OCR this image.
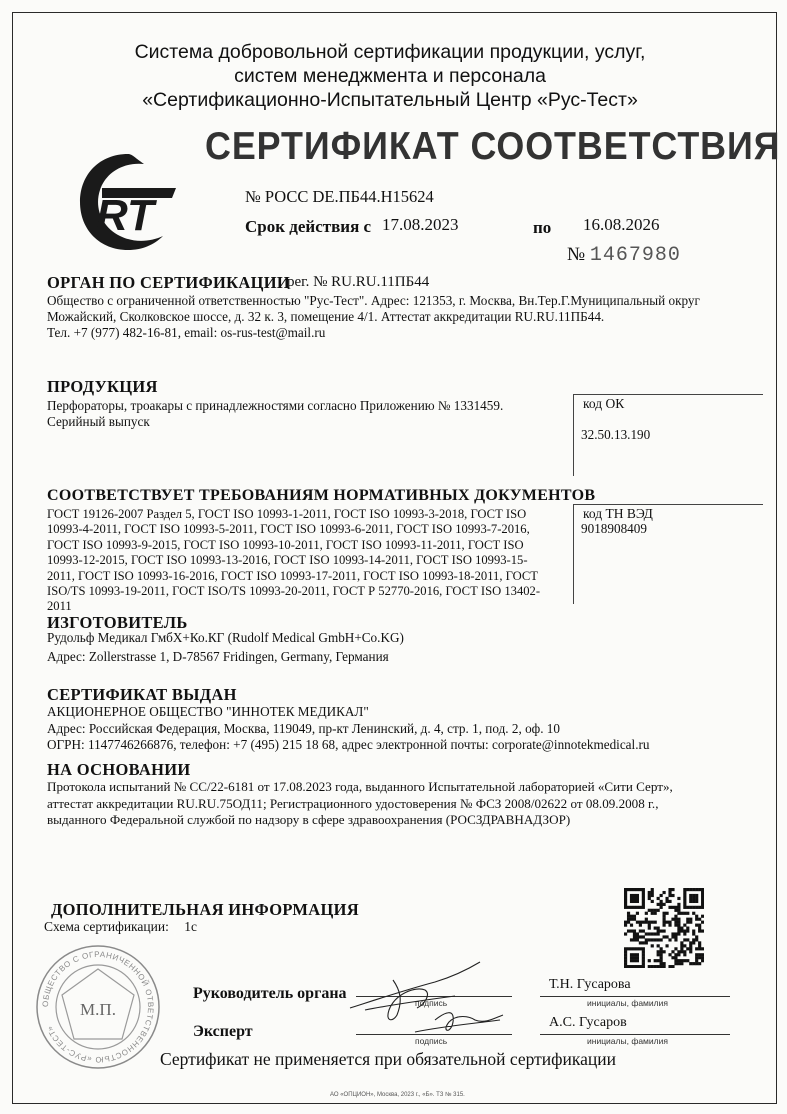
Система добровольной сертификации продукции, услуг,
систем менеджмента и персонала
«Сертификационно-Испытательный Центр «Рус-Тест»
СЕРТИФИКАТ СООТВЕТСТВИЯ
RT	№ РОСС DE.ПБ44.Н15624
Срок действия с 17.08.2023	по 16.08.2026
№ 1467980
ОРГАН ПО СЕРТИФИКАЦИИ
рег. № RU.RU.11ПБ44
Общество с ограниченной ответственностью "Рус-Тест". Адрес: 121353, г. Москва, Вн.Тер.Г.Муниципальный округ
Можайский, Сколковское шоссе, д. 32 к. 3, помещение 4/1. Аттестат аккредитации RU.RU.11ПБ44.
Тел. +7 (977) 482-16-81, email: os-rus-test@mail.ru
ПРОДУКЦИЯ
Перфораторы, троакары с принадлежностями согласно Приложению № 1331459.
Серийный выпуск
код ОК
32.50.13.190
СООТВЕТСТВУЕТ ТРЕБОВАНИЯМ НОРМАТИВНЫХ ДОКУМЕНТОВ
ГОСТ 19126-2007 Раздел 5, ГОСТ ISO 10993-1-2011, ГОСТ ISO 10993-3-2018, ГОСТ ISO
10993-4-2011, ГОСТ ISO 10993-5-2011, ГОСТ ISO 10993-6-2011, ГОСТ ISO 10993-7-2016,
ГОСТ ISO 10993-9-2015, ГОСТ ISO 10993-10-2011, ГОСТ ISO 10993-11-2011, ГОСТ ISO
10993-12-2015, ГОСТ ISO 10993-13-2016, ГОСТ ISO 10993-14-2011, ГОСТ ISO 10993-15-
2011, ГОСТ ISO 10993-16-2016, ГОСТ ISO 10993-17-2011, ГОСТ ISO 10993-18-2011, ГОСТ
ISO/TS 10993-19-2011, ГОСТ ISO/TS 10993-20-2011, ГОСТ Р 52770-2016, ГОСТ ISO 13402-
2011
код ТН ВЭД
9018908409
ИЗГОТОВИТЕЛЬ
Рудольф Медикал ГмбХ+Ко.КГ (Rudolf Medical GmbH+Co.KG)
Адрес: Zollerstrasse 1, D-78567 Fridingen, Germany, Германия
СЕРТИФИКАТ ВЫДАН
АКЦИОНЕРНОЕ ОБЩЕСТВО "ИННОТЕК МЕДИКАЛ"
Адрес: Российская Федерация, Москва, 119049, пр-кт Ленинский, д. 4, стр. 1, под. 2, оф. 10
ОГРН: 1147746266876, телефон: +7 (495) 215 18 68, адрес электронной почты: corporate@innotekmedical.ru
НА ОСНОВАНИИ
Протокола испытаний № СС/22-6181 от 17.08.2023 года, выданного Испытательной лабораторией «Сити Серт»,
аттестат аккредитации RU.RU.75ОД11; Регистрационного удостоверения № ФСЗ 2008/02622 от 08.09.2008 г.,
выданного Федеральной службой по надзору в сфере здравоохранения (РОСЗДРАВНАДЗОР)
ДОПОЛНИТЕЛЬНАЯ ИНФОРМАЦИЯ
Схема сертификации: 1с
ОБЩЕСТВО С ОГРАНИЧЕННОЙ ОТВЕТСТВЕННОСТЬЮ «РУС-ТЕСТ»
М.П.
Руководитель органа
подпись
Т.Н. Гусарова
инициалы, фамилия
Эксперт
подпись
А.С. Гусаров
инициалы, фамилия
Сертификат не применяется при обязательной сертификации
АО «ОПЦИОН», Москва, 2023 г., «Б». ТЗ № 315.
